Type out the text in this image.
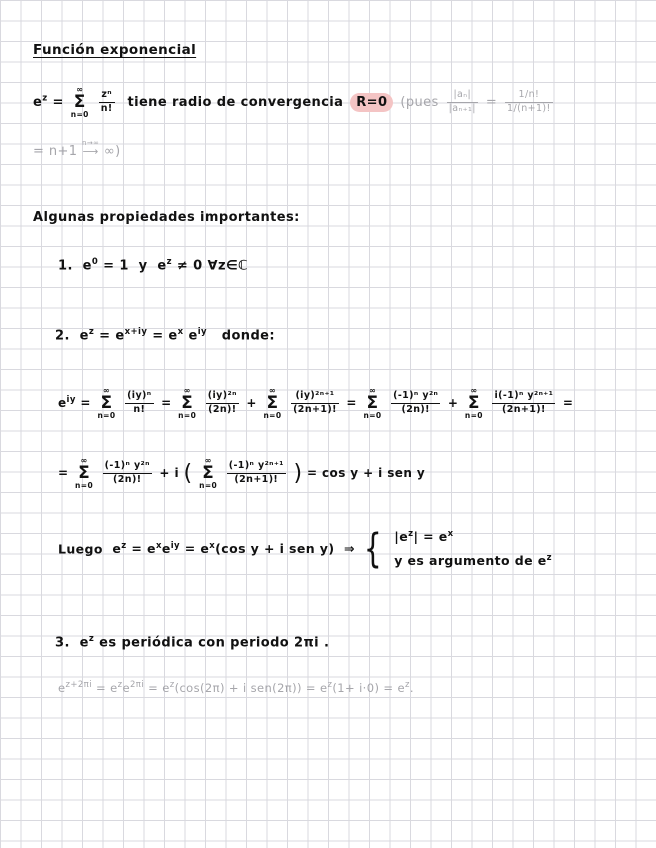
Función exponencial
$e^z$ =
∞
Σ
n=0

$\frac{\text{zⁿ}}{n!}$ tiene radio de convergencia R=0 (pues $\frac{\text{|aₙ|}}{\text{|aₙ₊₁|}} = \frac{1/n!}{1/(n+1)!}$
= n+1
n→∞
⟶ ∞)
Algunas propiedades importantes:
1. $e^0 = 1$ y $e^z \ne 0$ ∀z∈ℂ
2. $e^z = e^{x+iy} = e^x$ $e^{iy}$ donde:
$e^{iy}$ =
∞
Σ
n=0

$\frac{\text{(iy)ⁿ}}{n!}$ =
∞
Σ
n=0

$\frac{\text{(iy)²ⁿ}}{(2n)!}$ +
∞
Σ
n=0

$\frac{\text{(iy)²ⁿ⁺¹}}{(2n+1)!}$ =
∞
Σ
n=0

$\frac{\text{(-1)ⁿ y²ⁿ}}{(2n)!}$ +
∞
Σ
n=0

$\frac{\text{i(-1)ⁿ y²ⁿ⁺¹}}{(2n+1)!}$ =
=
∞
Σ
n=0

$\frac{\text{(-1)ⁿ y²ⁿ}}{(2n)!} + i$ (
∞
Σ
n=0

$\frac{\text{(-1)ⁿ y²ⁿ⁺¹}}{(2n+1)!}$ ) = cos y + i sen y
Luego $e^z = e^xe^{iy} = e^x(\cos$ y + i sen y) ⇒ { $|e^z| = e^x$
y es argumento de $e^z$
3. $e^z$ es periódica con periodo 2πi .
$e^{z+2\pi i} = e^ze^{2\pi i} = e^z(\cos(2\pi) + i$ $sen(2\pi)) = e^z(1+ i\cdot 0) = e^z$.
